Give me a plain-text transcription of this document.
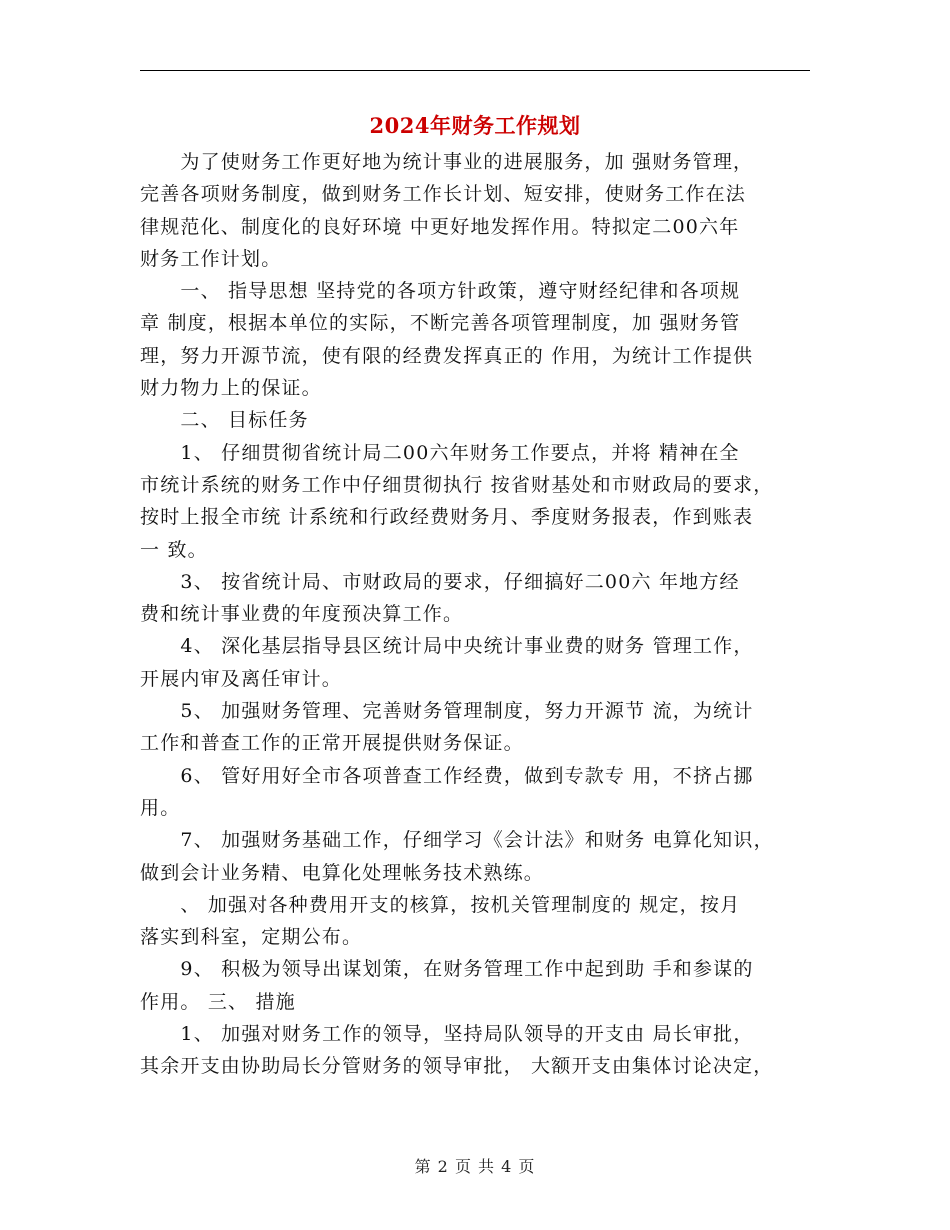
2024年财务工作规划
　　为了使财务工作更好地为统计事业的进展服务，加 强财务管理，
完善各项财务制度，做到财务工作长计划、短安排，使财务工作在法
律规范化、制度化的良好环境 中更好地发挥作用。特拟定二00六年
财务工作计划。
　　一、 指导思想 坚持党的各项方针政策，遵守财经纪律和各项规
章 制度，根据本单位的实际，不断完善各项管理制度，加 强财务管
理，努力开源节流，使有限的经费发挥真正的 作用，为统计工作提供
财力物力上的保证。
　　二、 目标任务
　　1、 仔细贯彻省统计局二00六年财务工作要点，并将 精神在全
市统计系统的财务工作中仔细贯彻执行 按省财基处和市财政局的要求，
按时上报全市统 计系统和行政经费财务月、季度财务报表，作到账表
一 致。
　　3、 按省统计局、市财政局的要求，仔细搞好二00六 年地方经
费和统计事业费的年度预决算工作。
　　4、 深化基层指导县区统计局中央统计事业费的财务 管理工作，
开展内审及离任审计。
　　5、 加强财务管理、完善财务管理制度，努力开源节 流，为统计
工作和普查工作的正常开展提供财务保证。
　　6、 管好用好全市各项普查工作经费，做到专款专 用，不挤占挪
用。
　　7、 加强财务基础工作，仔细学习《会计法》和财务 电算化知识，
做到会计业务精、电算化处理帐务技术熟练。
　　、 加强对各种费用开支的核算，按机关管理制度的 规定，按月
落实到科室，定期公布。
　　9、 积极为领导出谋划策，在财务管理工作中起到助 手和参谋的
作用。 三、 措施
　　1、 加强对财务工作的领导，坚持局队领导的开支由 局长审批，
其余开支由协助局长分管财务的领导审批， 大额开支由集体讨论决定，
第 2 页 共 4 页
